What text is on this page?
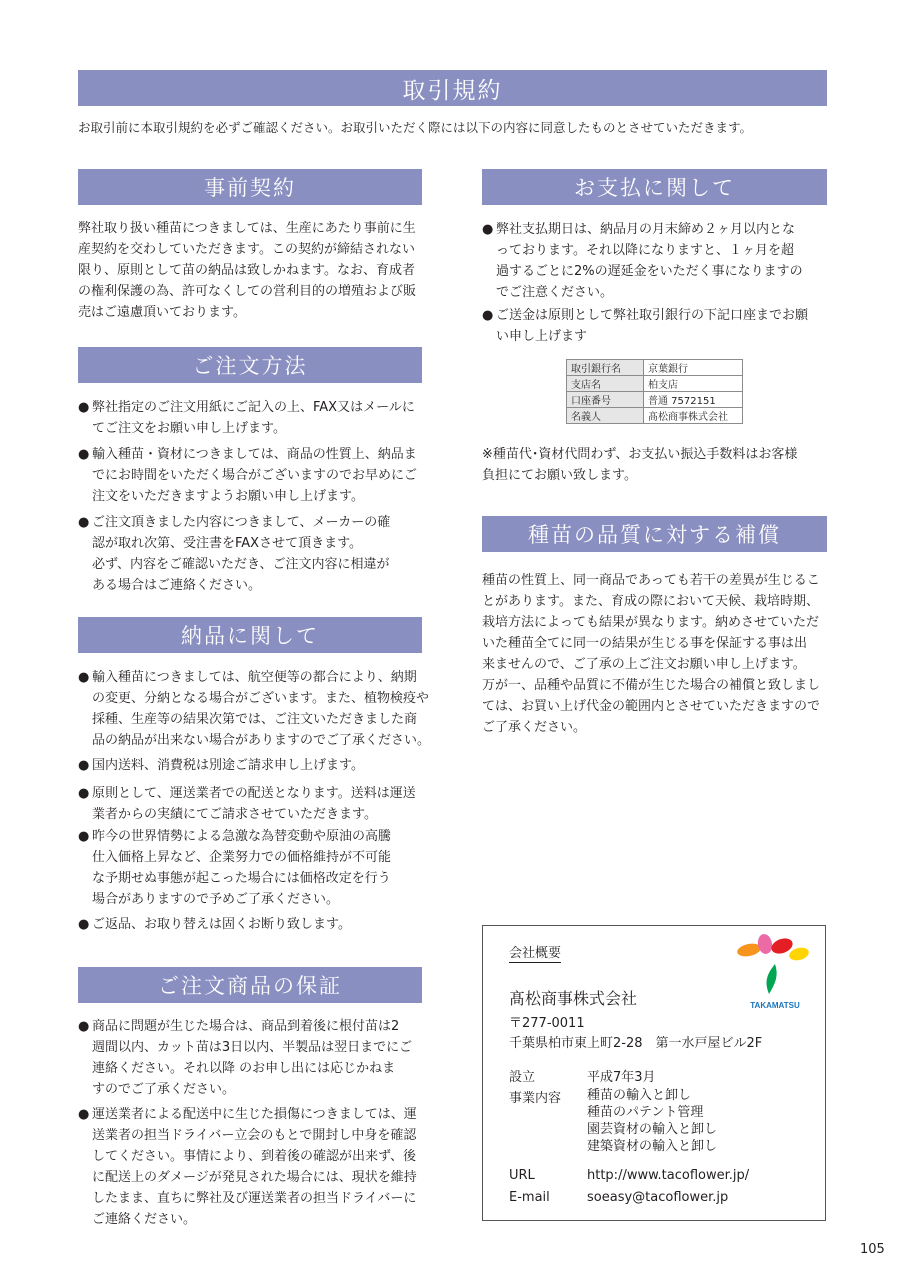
取引規約

お取引前に本取引規約を必ずご確認ください。お取引いただく際には以下の内容に同意したものとさせていただきます。

事前契約

弊社取り扱い種苗につきましては、生産にあたり事前に生

産契約を交わしていただきます。この契約が締結されない

限り、原則として苗の納品は致しかねます。なお、育成者

の権利保護の為、許可なくしての営利目的の増殖および販

売はご遠慮頂いております。

ご注文方法
● 弊社指定のご注文用紙にご記入の上、FAX又はメールに
てご注文をお願い申し上げます。
● 輸入種苗・資材につきましては、商品の性質上、納品ま
でにお時間をいただく場合がございますのでお早めにご
注文をいただきますようお願い申し上げます。
● ご注文頂きました内容につきまして、メーカーの確
認が取れ次第、受注書をFAXさせて頂きます。
必ず、内容をご確認いただき、ご注文内容に相違が
ある場合はご連絡ください。
納品に関して
● 輸入種苗につきましては、航空便等の都合により、納期
の変更、分納となる場合がございます。また、植物検疫や
採種、生産等の結果次第では、ご注文いただきました商
品の納品が出来ない場合がありますのでご了承ください。
● 国内送料、消費税は別途ご請求申し上げます。
● 原則として、運送業者での配送となります。送料は運送
業者からの実績にてご請求させていただきます。
● 昨今の世界情勢による急激な為替変動や原油の高騰
仕入価格上昇など、企業努力での価格維持が不可能
な予期せぬ事態が起こった場合には価格改定を行う
場合がありますので予めご了承ください。
● ご返品、お取り替えは固くお断り致します。
ご注文商品の保証
● 商品に問題が生じた場合は、商品到着後に根付苗は2
週間以内、カット苗は3日以内、半製品は翌日までにご
連絡ください。それ以降 のお申し出には応じかねま
すのでご了承ください。
● 運送業者による配送中に生じた損傷につきましては、運
送業者の担当ドライバー立会のもとで開封し中身を確認
してください。事情により、到着後の確認が出来ず、後
に配送上のダメージが発見された場合には、現状を維持
したまま、直ちに弊社及び運送業者の担当ドライバーに
ご連絡ください。
お支払に関して
● 弊社支払期日は、納品月の月末締め２ヶ月以内とな
っております。それ以降になりますと、１ヶ月を超
過するごとに2%の遅延金をいただく事になりますの
でご注意ください。
● ご送金は原則として弊社取引銀行の下記口座までお願
い申し上げます
取引銀行名	京葉銀行
支店名	柏支店
口座番号	普通 7572151
名義人	髙松商事株式会社

※種苗代･資材代問わず、お支払い振込手数料はお客様

負担にてお願い致します。

種苗の品質に対する補償

種苗の性質上、同一商品であっても若干の差異が生じるこ

とがあります。また、育成の際において天候、栽培時期、

栽培方法によっても結果が異なります。納めさせていただ

いた種苗全てに同一の結果が生じる事を保証する事は出

来ませんので、ご了承の上ご注文お願い申し上げます。

万が一、品種や品質に不備が生じた場合の補償と致しまし

ては、お買い上げ代金の範囲内とさせていただきますので

ご了承ください。

会社概要

TAKAMATSU

髙松商事株式会社

〒277-0011

千葉県柏市東上町2-28　第一水戸屋ビル2F

設立	平成7年3月

事業内容 種苗の輸入と卸し
種苗のパテント管理
園芸資材の輸入と卸し
建築資材の輸入と卸し

URL	http://www.tacoflower.jp/

E-mail	soeasy@tacoflower.jp

105
